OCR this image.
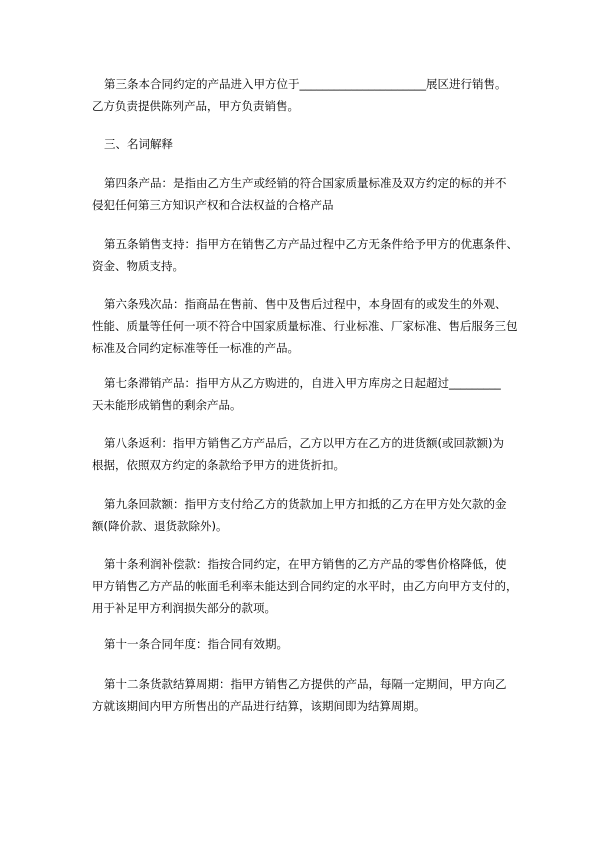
第三条本合同约定的产品进入甲方位于______________________展区进行销售。
乙方负责提供陈列产品，甲方负责销售。

三、名词解释

第四条产品：是指由乙方生产或经销的符合国家质量标准及双方约定的标的并不
侵犯任何第三方知识产权和合法权益的合格产品

第五条销售支持：指甲方在销售乙方产品过程中乙方无条件给予甲方的优惠条件、
资金、物质支持。

第六条残次品：指商品在售前、售中及售后过程中，本身固有的或发生的外观、
性能、质量等任何一项不符合中国家质量标准、行业标准、厂家标准、售后服务三包
标准及合同约定标准等任一标准的产品。

第七条滞销产品：指甲方从乙方购进的，自进入甲方库房之日起超过_________
天未能形成销售的剩余产品。

第八条返利：指甲方销售乙方产品后，乙方以甲方在乙方的进货额(或回款额)为
根据，依照双方约定的条款给予甲方的进货折扣。

第九条回款额：指甲方支付给乙方的货款加上甲方扣抵的乙方在甲方处欠款的金
额(降价款、退货款除外)。

第十条利润补偿款：指按合同约定，在甲方销售的乙方产品的零售价格降低，使
甲方销售乙方产品的帐面毛利率未能达到合同约定的水平时，由乙方向甲方支付的，
用于补足甲方利润损失部分的款项。

第十一条合同年度：指合同有效期。

第十二条货款结算周期：指甲方销售乙方提供的产品，每隔一定期间，甲方向乙
方就该期间内甲方所售出的产品进行结算，该期间即为结算周期。
